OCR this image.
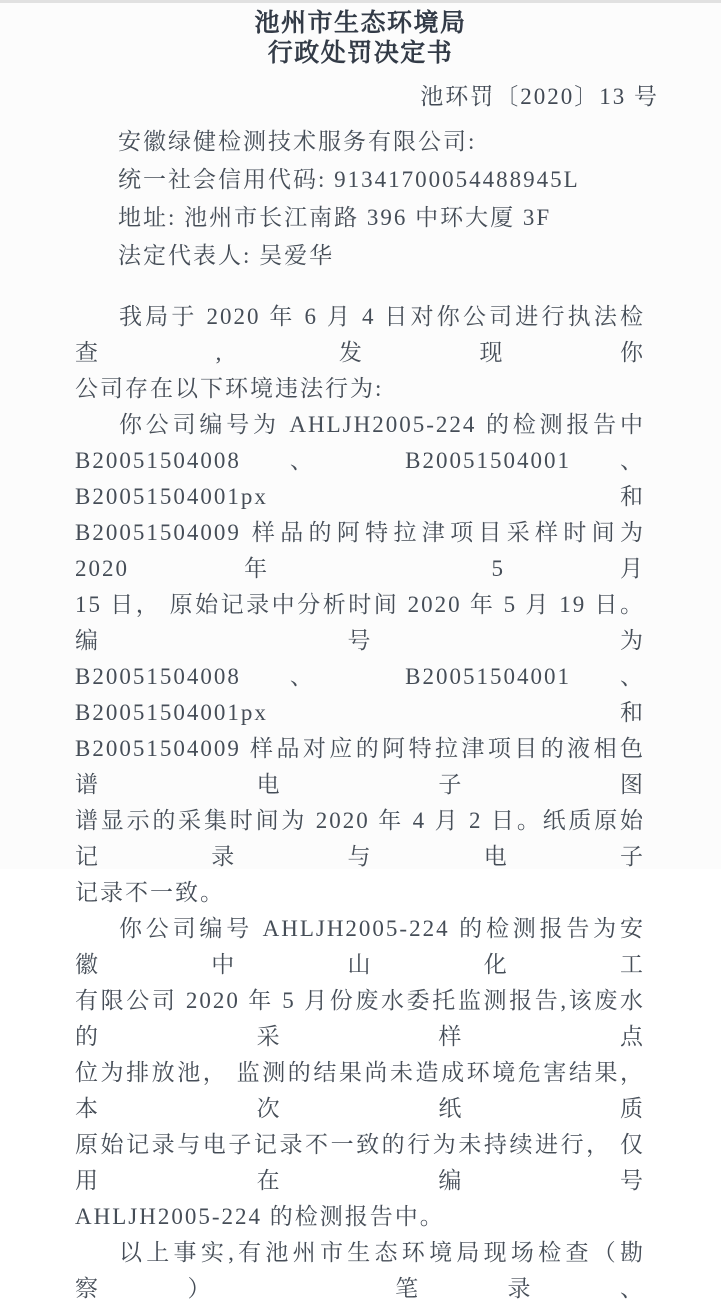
池州市生态环境局
行政处罚决定书
池环罚〔2020〕13 号
安徽绿健检测技术服务有限公司:
统一社会信用代码: 91341700054488945L
地址: 池州市长江南路 396 中环大厦 3F
法定代表人: 吴爱华
我局于 2020 年 6 月 4 日对你公司进行执法检查,发现你
公司存在以下环境违法行为:
你公司编号为 AHLJH2005-224 的检测报告中
B20051504008 、 B20051504001 、 B20051504001px 和
B20051504009 样品的阿特拉津项目采样时间为 2020 年 5 月
15 日， 原始记录中分析时间 2020 年 5 月 19 日。编号为
B20051504008 、 B20051504001 、 B20051504001px 和
B20051504009 样品对应的阿特拉津项目的液相色谱电子图
谱显示的采集时间为 2020 年 4 月 2 日。纸质原始记录与电子
记录不一致。
你公司编号 AHLJH2005-224 的检测报告为安徽中山化工
有限公司 2020 年 5 月份废水委托监测报告,该废水的采样点
位为排放池， 监测的结果尚未造成环境危害结果， 本次纸质
原始记录与电子记录不一致的行为未持续进行， 仅用在编号
AHLJH2005-224 的检测报告中。
以上事实,有池州市生态环境局现场检查（勘察） 笔录、
